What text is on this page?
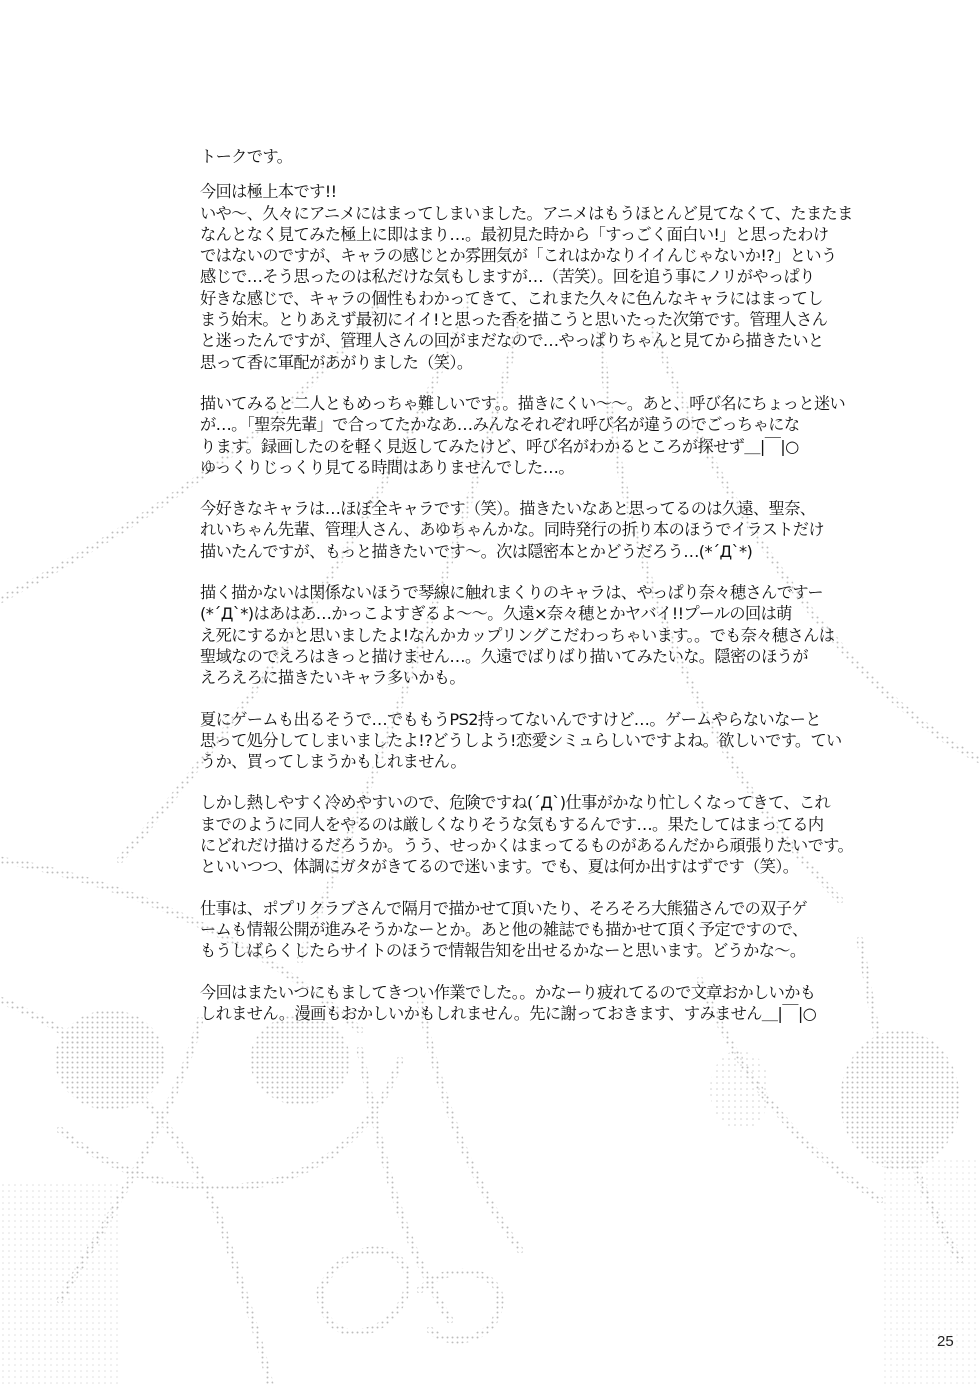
トークです。

今回は極上本です!!
いや～、久々にアニメにはまってしまいました。アニメはもうほとんど見てなくて、たまたま
なんとなく見てみた極上に即はまり…。最初見た時から「すっごく面白い!」と思ったわけ
ではないのですが、キャラの感じとか雰囲気が「これはかなりイイんじゃないか!?」という
感じで…そう思ったのは私だけな気もしますが…（苦笑）。回を追う事にノリがやっぱり
好きな感じで、キャラの個性もわかってきて、これまた久々に色んなキャラにはまってし
まう始末。とりあえず最初にイイ!と思った香を描こうと思いたった次第です。管理人さん
と迷ったんですが、管理人さんの回がまだなので…やっぱりちゃんと見てから描きたいと
思って香に軍配があがりました（笑）。
描いてみると二人ともめっちゃ難しいです。。描きにくい～～。あと、呼び名にちょっと迷い
が…。「聖奈先輩」で合ってたかなあ…みんなそれぞれ呼び名が違うのでごっちゃにな
ります。録画したのを軽く見返してみたけど、呼び名がわかるところが探せず＿|￣|○
ゆっくりじっくり見てる時間はありませんでした…。
今好きなキャラは…ほぼ全キャラです（笑）。描きたいなあと思ってるのは久遠、聖奈、
れいちゃん先輩、管理人さん、あゆちゃんかな。同時発行の折り本のほうでイラストだけ
描いたんですが、もっと描きたいです～。次は隠密本とかどうだろう…(*´Д`*)
描く描かないは関係ないほうで琴線に触れまくりのキャラは、やっぱり奈々穂さんですー
(*´Д`*)はあはあ…かっこよすぎるよ～～。久遠×奈々穂とかヤバイ!!プールの回は萌
え死にするかと思いましたよ!なんかカップリングこだわっちゃいます。。でも奈々穂さんは
聖域なのでえろはきっと描けません…。久遠でばりばり描いてみたいな。隠密のほうが
えろえろに描きたいキャラ多いかも。
夏にゲームも出るそうで…でももうPS2持ってないんですけど…。ゲームやらないなーと
思って処分してしまいましたよ!?どうしよう!恋愛シミュらしいですよね。欲しいです。てい
うか、買ってしまうかもしれません。
しかし熱しやすく冷めやすいので、危険ですね(´Д`)仕事がかなり忙しくなってきて、これ
までのように同人をやるのは厳しくなりそうな気もするんです…。果たしてはまってる内
にどれだけ描けるだろうか。うう、せっかくはまってるものがあるんだから頑張りたいです。
といいつつ、体調にガタがきてるので迷います。でも、夏は何か出すはずです（笑）。
仕事は、ポプリクラブさんで隔月で描かせて頂いたり、そろそろ大熊猫さんでの双子ゲ
ームも情報公開が進みそうかなーとか。あと他の雑誌でも描かせて頂く予定ですので、
もうしばらくしたらサイトのほうで情報告知を出せるかなーと思います。どうかな～。
今回はまたいつにもましてきつい作業でした。。かなーり疲れてるので文章おかしいかも
しれません。漫画もおかしいかもしれません。先に謝っておきます、すみません＿|￣|○
25
